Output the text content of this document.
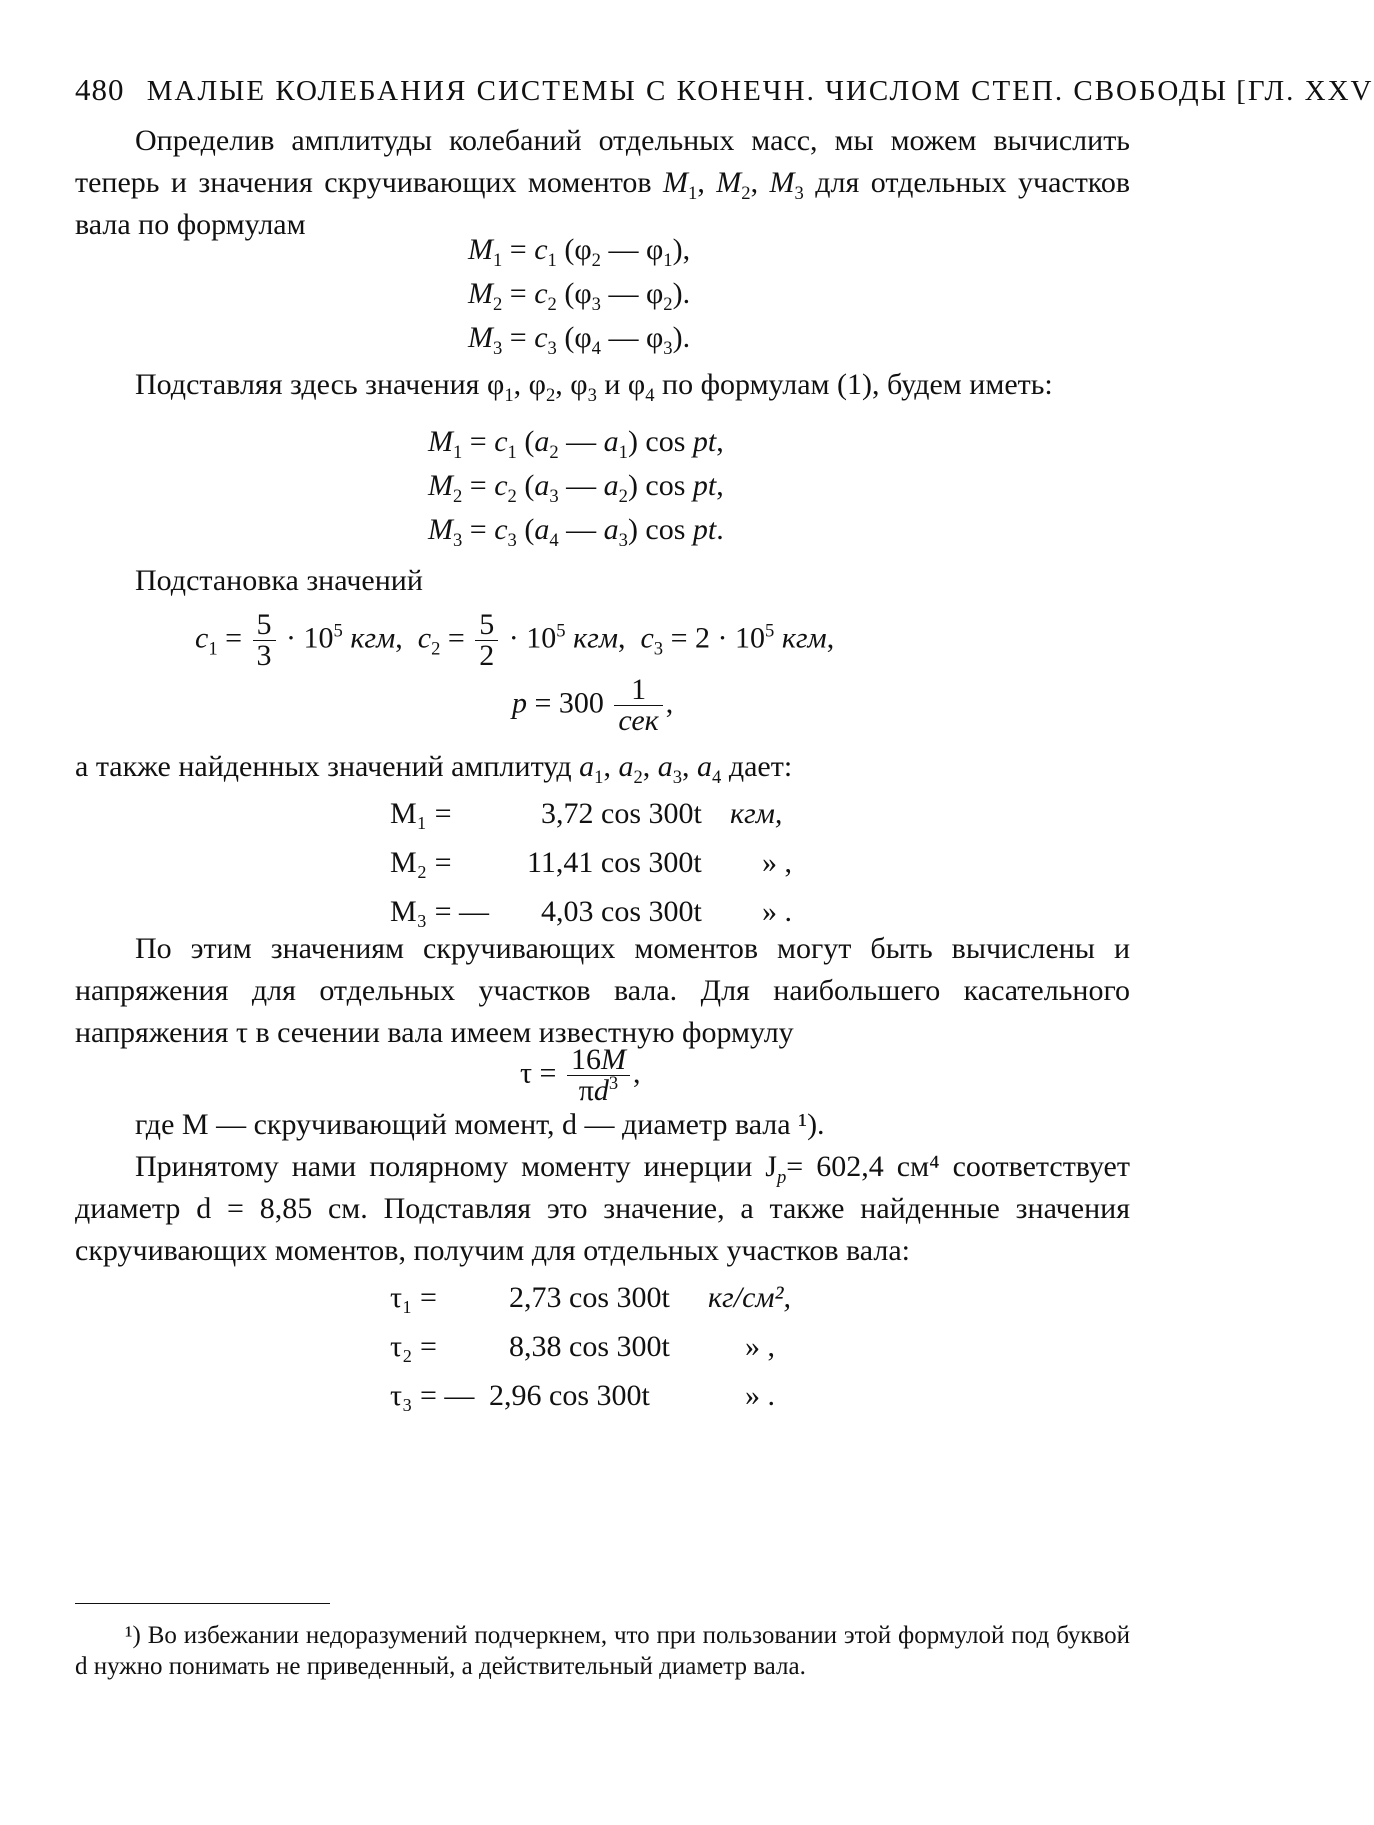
480 МАЛЫЕ КОЛЕБАНИЯ СИСТЕМЫ С КОНЕЧН. ЧИСЛОМ СТЕП. СВОБОДЫ [ГЛ. XXV
Определив амплитуды колебаний отдельных масс, мы можем вычислить теперь и значения скручивающих моментов $M_1$, $M_2$, $M_3$ для отдельных участков вала по формулам
$M_1 = c_1$ ($\varphi_2$ — $\varphi_1$),
$M_2 = c_2$ ($\varphi_3$ — $\varphi_2$).
$M_3 = c_3$ ($\varphi_4$ — $\varphi_3$).
Подставляя здесь значения $\varphi_1$, $\varphi_2$, $\varphi_3$ и $\varphi_4$ по формулам (1), будем иметь:
$M_1 = c_1$ ($a_2$ — $a_1$) cos pt,
$M_2 = c_2$ ($a_3$ — $a_2$) cos pt,
$M_3 = c_3$ ($a_4$ — $a_3$) cos pt.
Подстановка значений
$c_1 = \frac{5}{3} \cdot 10^5$ кгм,  $c_2 = \frac{5}{2} \cdot 10^5$ кгм,  $c_3 = 2 \cdot 10^5$ кгм,
$p = 300 \frac{1}{\text{сек}}$ ,
а также найденных значений амплитуд $a_1$, $a_2$, $a_3$, $a_4$ дает:
M₁ =	3,72 cos 300t кгм,
M₂ =	11,41 cos 300t » ,
M₃ = — 4,03 cos 300t » .
По этим значениям скручивающих моментов могут быть вычислены и напряжения для отдельных участков вала. Для наибольшего касательного напряжения τ в сечении вала имеем известную формулу
$\tau = \frac{16M}{\pi d^3}$ ,
где M — скручивающий момент, d — диаметр вала ¹).
Принятому нами полярному моменту инерции $J_p= 602,4$ см⁴ соответствует диаметр d = 8,85 см. Подставляя это значение, а также найденные значения скручивающих моментов, получим для отдельных участков вала:
τ₁ = 2,73 cos 300t кг/см²,
τ₂ = 8,38 cos 300t	» ,
τ₃ = — 2,96 cos 300t	» .
¹) Во избежании недоразумений подчеркнем, что при пользовании этой формулой под буквой d нужно понимать не приведенный, а действительный диаметр вала.
